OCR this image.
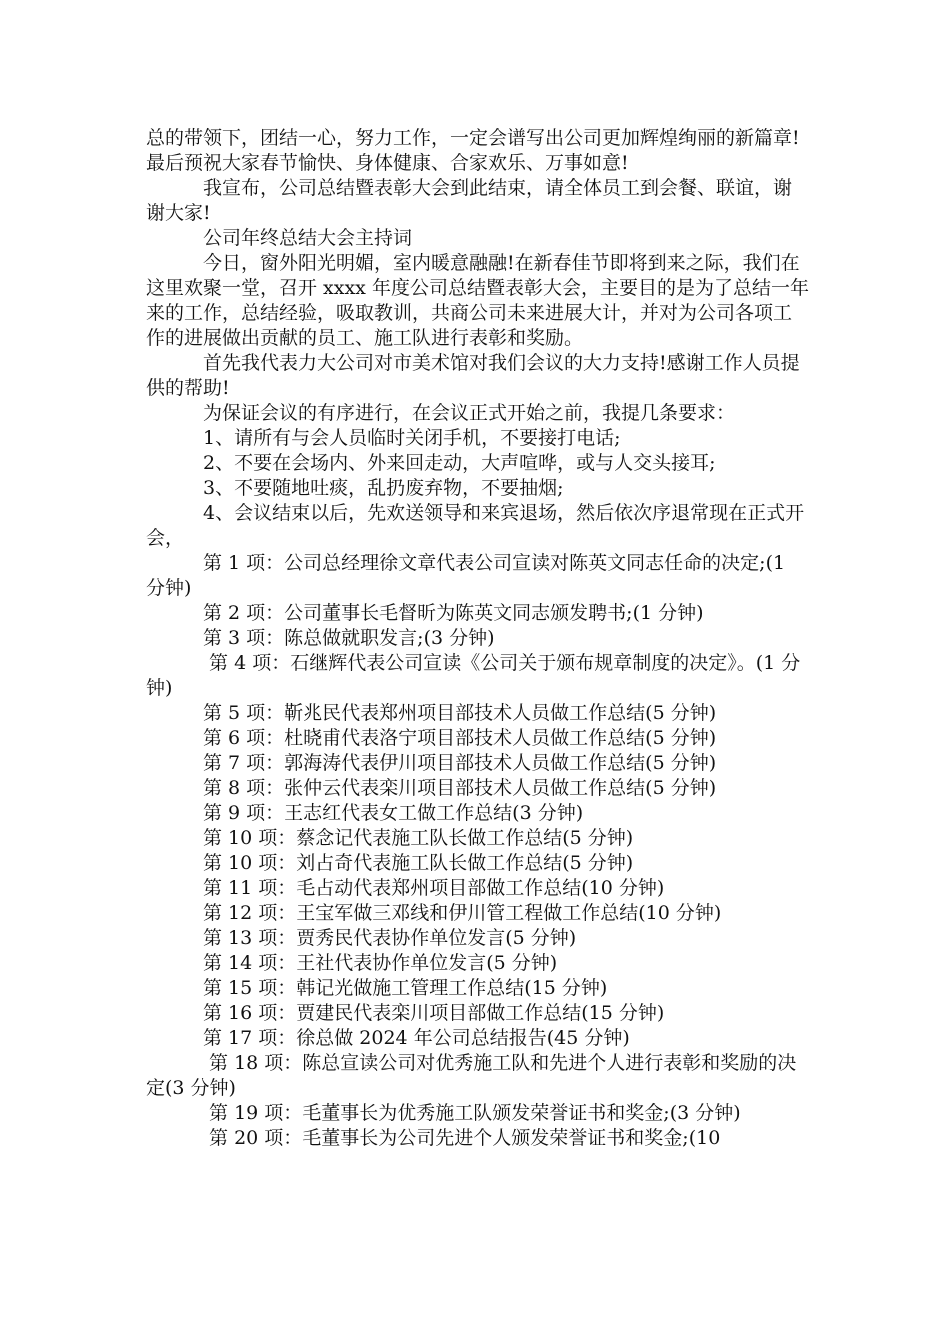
总的带领下，团结一心，努力工作，一定会谱写出公司更加辉煌绚丽的新篇章!最后预祝大家春节愉快、身体健康、合家欢乐、万事如意!

我宣布，公司总结暨表彰大会到此结束，请全体员工到会餐、联谊，谢谢大家!

公司年终总结大会主持词

今日，窗外阳光明媚，室内暖意融融!在新春佳节即将到来之际，我们在这里欢聚一堂，召开 xxxx 年度公司总结暨表彰大会，主要目的是为了总结一年来的工作，总结经验，吸取教训，共商公司未来进展大计，并对为公司各项工作的进展做出贡献的员工、施工队进行表彰和奖励。

首先我代表力大公司对市美术馆对我们会议的大力支持!感谢工作人员提供的帮助!

为保证会议的有序进行，在会议正式开始之前，我提几条要求：

1、请所有与会人员临时关闭手机，不要接打电话;

2、不要在会场内、外来回走动，大声喧哗，或与人交头接耳;

3、不要随地吐痰，乱扔废弃物，不要抽烟;

4、会议结束以后，先欢送领导和来宾退场，然后依次序退常现在正式开会，

第 1 项：公司总经理徐文章代表公司宣读对陈英文同志任命的决定;(1 分钟)

第 2 项：公司董事长毛督昕为陈英文同志颁发聘书;(1 分钟)

第 3 项：陈总做就职发言;(3 分钟)

第 4 项：石继辉代表公司宣读《公司关于颁布规章制度的决定》。(1 分钟)

第 5 项：靳兆民代表郑州项目部技术人员做工作总结(5 分钟)

第 6 项：杜晓甫代表洛宁项目部技术人员做工作总结(5 分钟)

第 7 项：郭海涛代表伊川项目部技术人员做工作总结(5 分钟)

第 8 项：张仲云代表栾川项目部技术人员做工作总结(5 分钟)

第 9 项：王志红代表女工做工作总结(3 分钟)

第 10 项：蔡念记代表施工队长做工作总结(5 分钟)

第 10 项：刘占奇代表施工队长做工作总结(5 分钟)

第 11 项：毛占动代表郑州项目部做工作总结(10 分钟)

第 12 项：王宝军做三邓线和伊川管工程做工作总结(10 分钟)

第 13 项：贾秀民代表协作单位发言(5 分钟)

第 14 项：王社代表协作单位发言(5 分钟)

第 15 项：韩记光做施工管理工作总结(15 分钟)

第 16 项：贾建民代表栾川项目部做工作总结(15 分钟)

第 17 项：徐总做 2024 年公司总结报告(45 分钟)

第 18 项：陈总宣读公司对优秀施工队和先进个人进行表彰和奖励的决定(3 分钟)

第 19 项：毛董事长为优秀施工队颁发荣誉证书和奖金;(3 分钟)

第 20 项：毛董事长为公司先进个人颁发荣誉证书和奖金;(10
